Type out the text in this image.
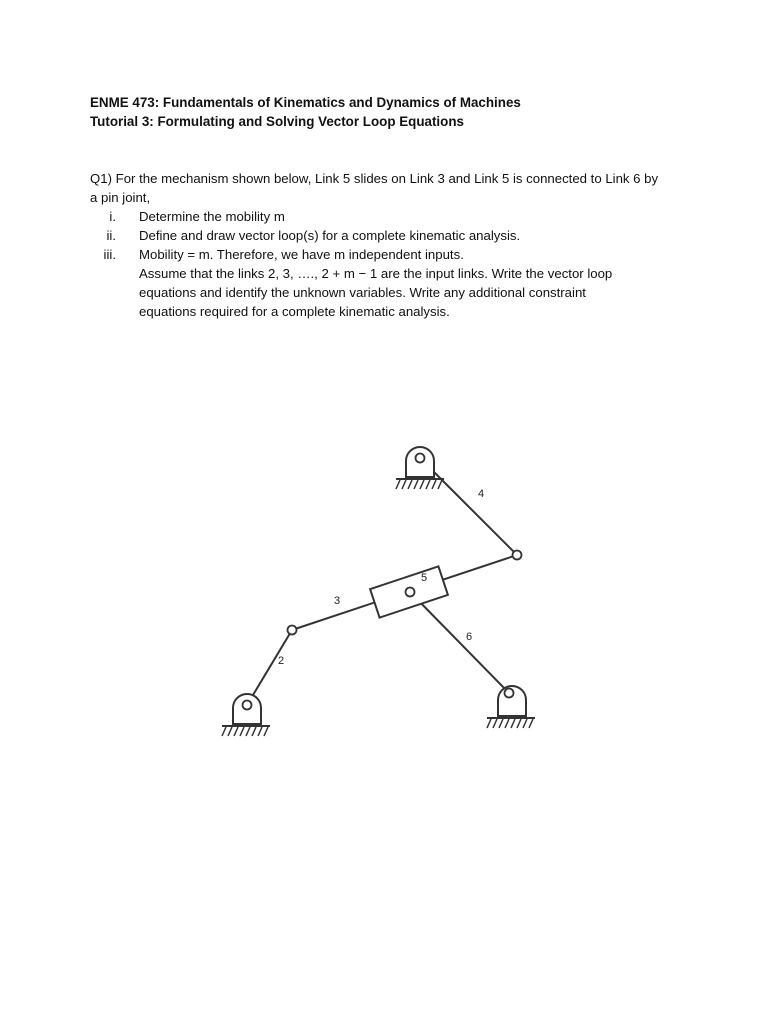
ENME 473: Fundamentals of Kinematics and Dynamics of Machines
Tutorial 3: Formulating and Solving Vector Loop Equations
Q1) For the mechanism shown below, Link 5 slides on Link 3 and Link 5 is connected to Link 6 by
a pin joint,
i. Determine the mobility m
ii. Define and draw vector loop(s) for a complete kinematic analysis.
iii. Mobility = m. Therefore, we have m independent inputs.
Assume that the links 2, 3, …., 2 + m − 1 are the input links. Write the vector loop
equations and identify the unknown variables. Write any additional constraint
equations required for a complete kinematic analysis.
2
3
4
5
6
